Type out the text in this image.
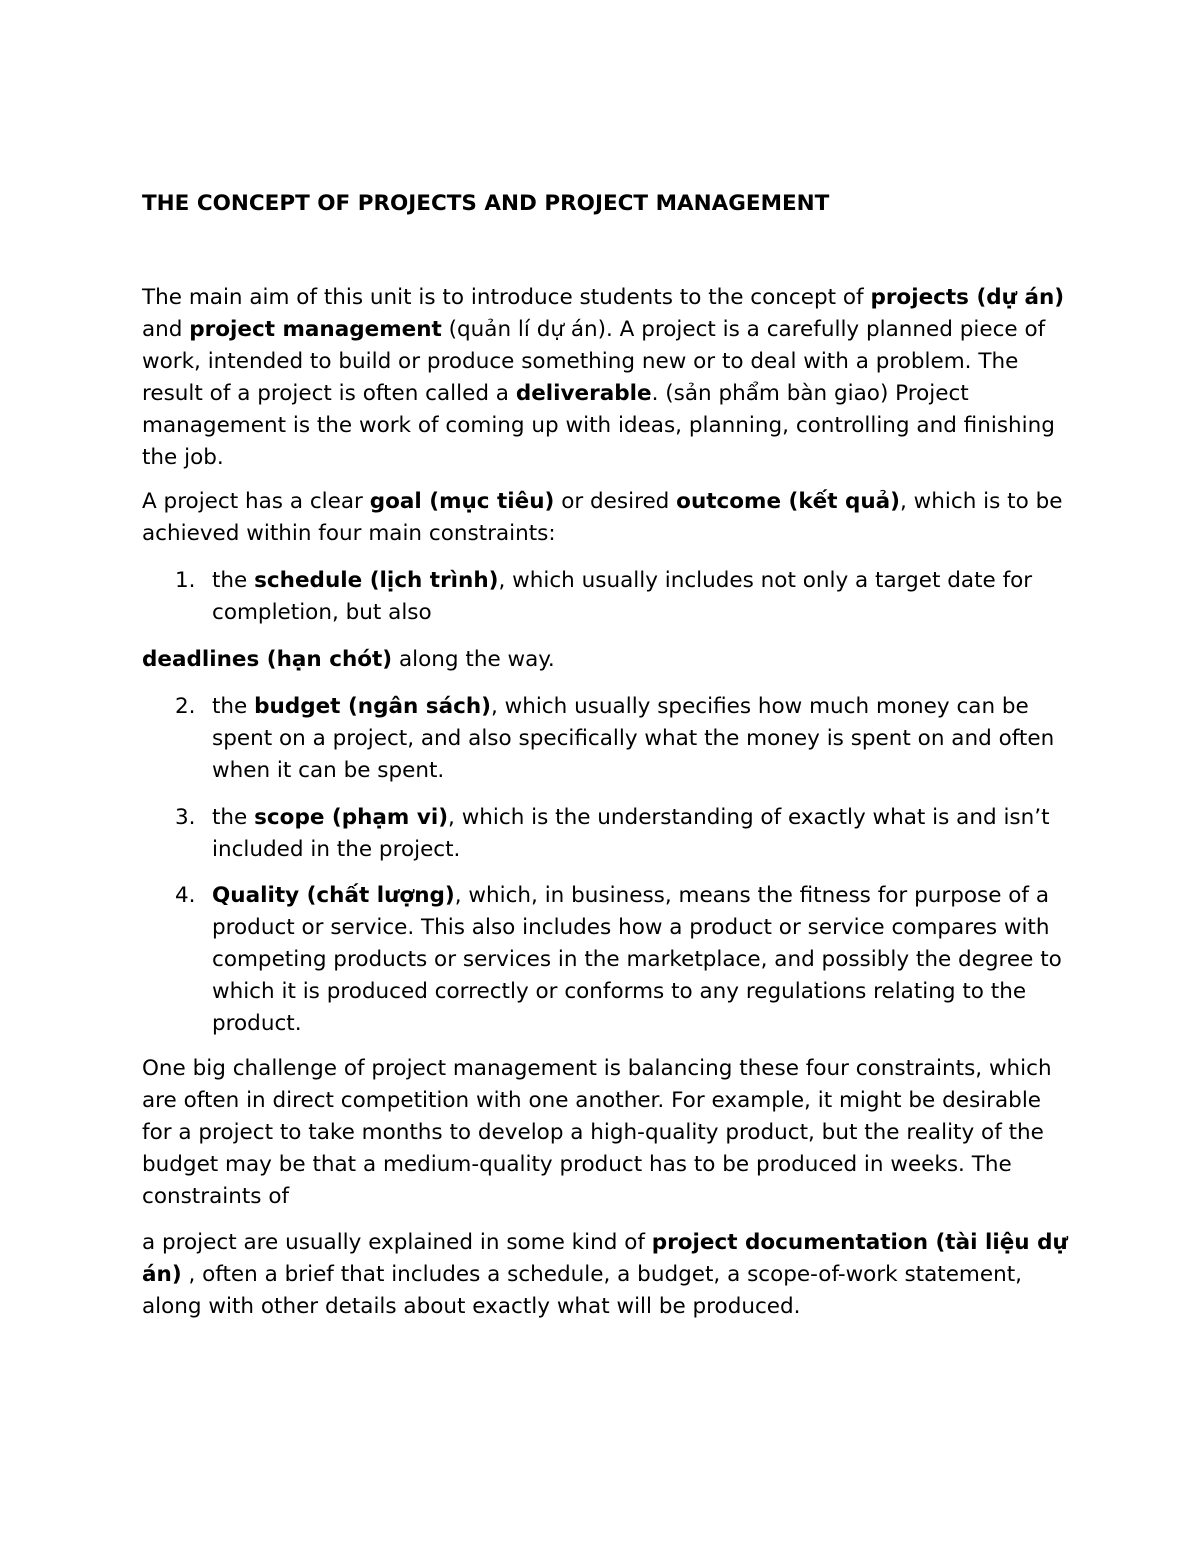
THE CONCEPT OF PROJECTS AND PROJECT MANAGEMENT

The main aim of this unit is to introduce students to the concept of projects (dự án) and project management (quản lí dự án). A project is a carefully planned piece of work, intended to build or produce something new or to deal with a problem. The result of a project is often called a deliverable. (sản phẩm bàn giao) Project management is the work of coming up with ideas, planning, controlling and finishing the job.

A project has a clear goal (mục tiêu) or desired outcome (kết quả), which is to be achieved within four main constraints:

1. the schedule (lịch trình), which usually includes not only a target date for completion, but also

deadlines (hạn chót) along the way.

2. the budget (ngân sách), which usually specifies how much money can be spent on a project, and also specifically what the money is spent on and often when it can be spent.

3. the scope (phạm vi), which is the understanding of exactly what is and isn’t included in the project.

4. Quality (chất lượng), which, in business, means the fitness for purpose of a product or service. This also includes how a product or service compares with competing products or services in the marketplace, and possibly the degree to which it is produced correctly or conforms to any regulations relating to the product.

One big challenge of project management is balancing these four constraints, which are often in direct competition with one another. For example, it might be desirable for a project to take months to develop a high-quality product, but the reality of the budget may be that a medium-quality product has to be produced in weeks. The constraints of

a project are usually explained in some kind of project documentation (tài liệu dự án) , often a brief that includes a schedule, a budget, a scope-of-work statement, along with other details about exactly what will be produced.
